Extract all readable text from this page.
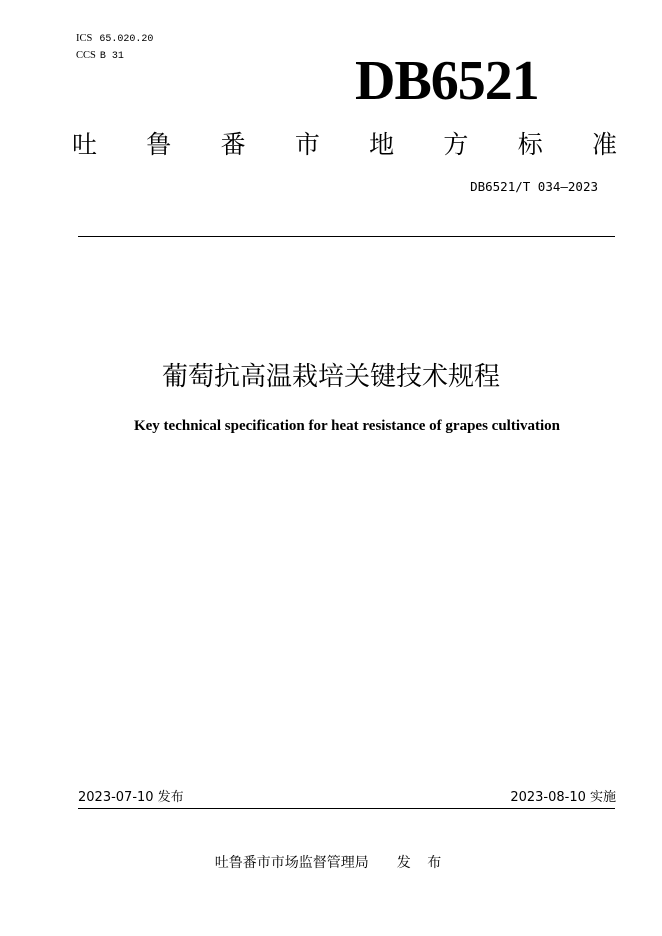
ICS 65.020.20
CCS B 31	DB6521
吐 鲁 番 市 地 方 标 准
DB6521/T 034—2023
葡萄抗高温栽培关键技术规程
Key technical specification for heat resistance of grapes cultivation
2023-07-10 发布	2023-08-10 实施
吐鲁番市市场监督管理局 发 布
